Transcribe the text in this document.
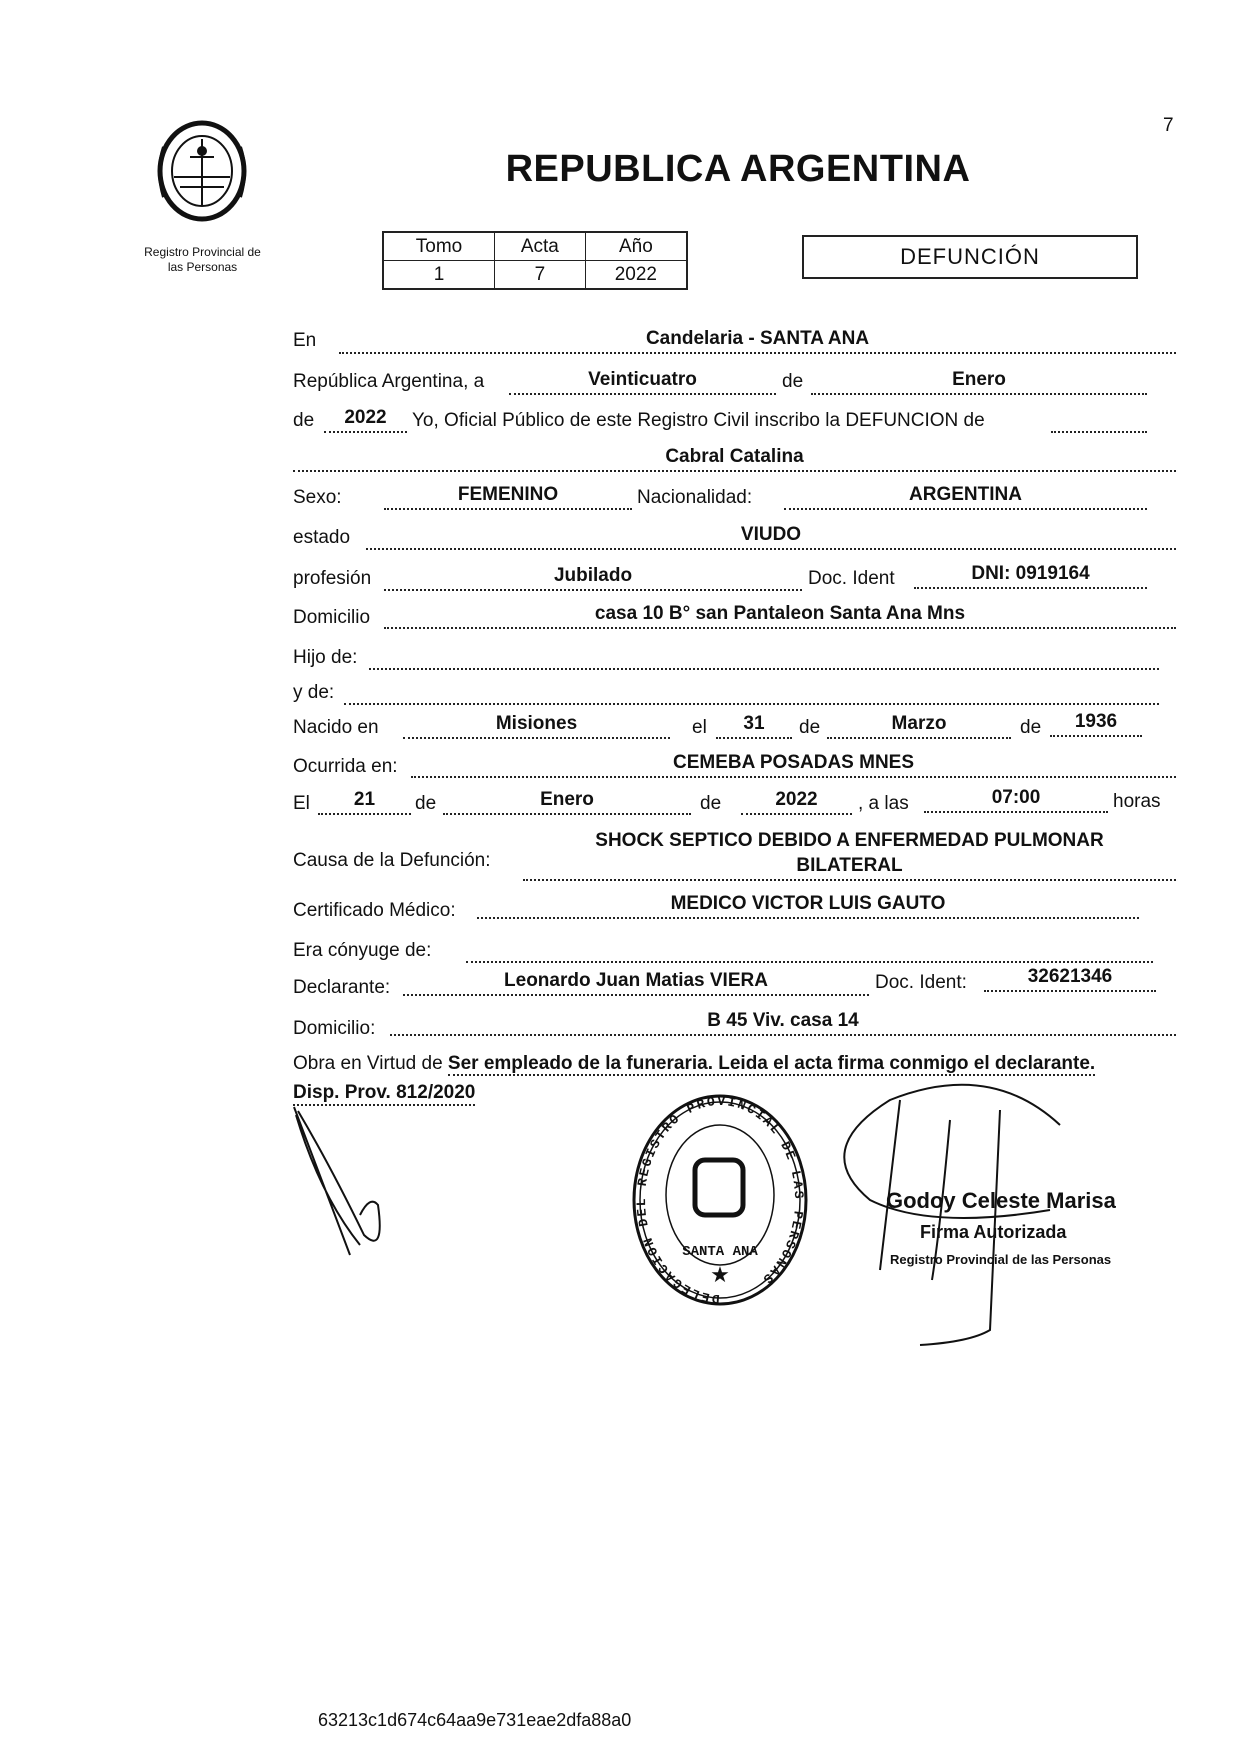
7
Registro Provincial de
las Personas
REPUBLICA ARGENTINA
Tomo	Acta	Año
1	7	2022
DEFUNCIÓN
En	Candelaria - SANTA ANA
República Argentina, a	Veinticuatro	de	Enero
de	2022	Yo, Oficial Público de este Registro Civil inscribo la DEFUNCION de
Cabral Catalina
Sexo:	FEMENINO	Nacionalidad:	ARGENTINA
estado	VIUDO
profesión	Jubilado	Doc. Ident	DNI: 0919164
Domicilio	casa 10 B° san Pantaleon Santa Ana Mns
Hijo de:
y de:
Nacido en	Misiones	el	31	de	Marzo	de	1936
Ocurrida en:	CEMEBA POSADAS MNES
El	21	de	Enero	de	2022	, a las	07:00	horas
Causa de la Defunción:
SHOCK SEPTICO DEBIDO A ENFERMEDAD PULMONAR
BILATERAL
Certificado Médico:	MEDICO VICTOR LUIS GAUTO
Era cónyuge de:
Declarante:	Leonardo Juan Matias VIERA	Doc. Ident:	32621346
Domicilio:	B 45 Viv. casa 14
Obra en Virtud de Ser empleado de la funeraria. Leida el acta firma conmigo el declarante.
Disp. Prov. 812/2020
DELEGACION DEL REGISTRO PROVINCIAL DE LAS PERSONAS
SANTA ANA
★
Godoy Celeste Marisa
Firma Autorizada
Registro Provincial de las Personas
63213c1d674c64aa9e731eae2dfa88a0
